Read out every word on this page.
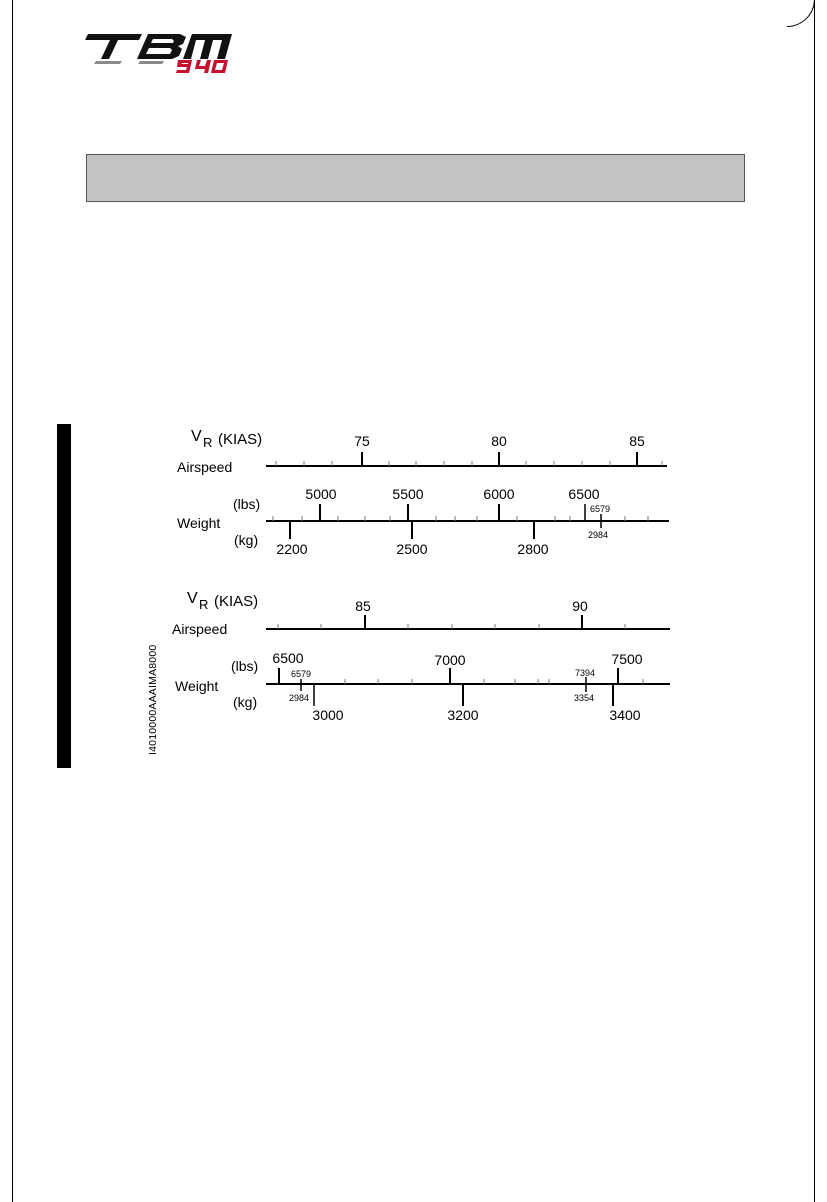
I4010000AAAIMA8000
V R (KIAS)
Airspeed
75	80	85
(lbs)
Weight
(kg)
5000	5500	6000	6500
6579
2200	2500	2800
2984
V R (KIAS)
Airspeed
85	90
(lbs)
Weight
(kg)
6500	7000	7500
6579	7394
3000	3200	3400
2984	3354
